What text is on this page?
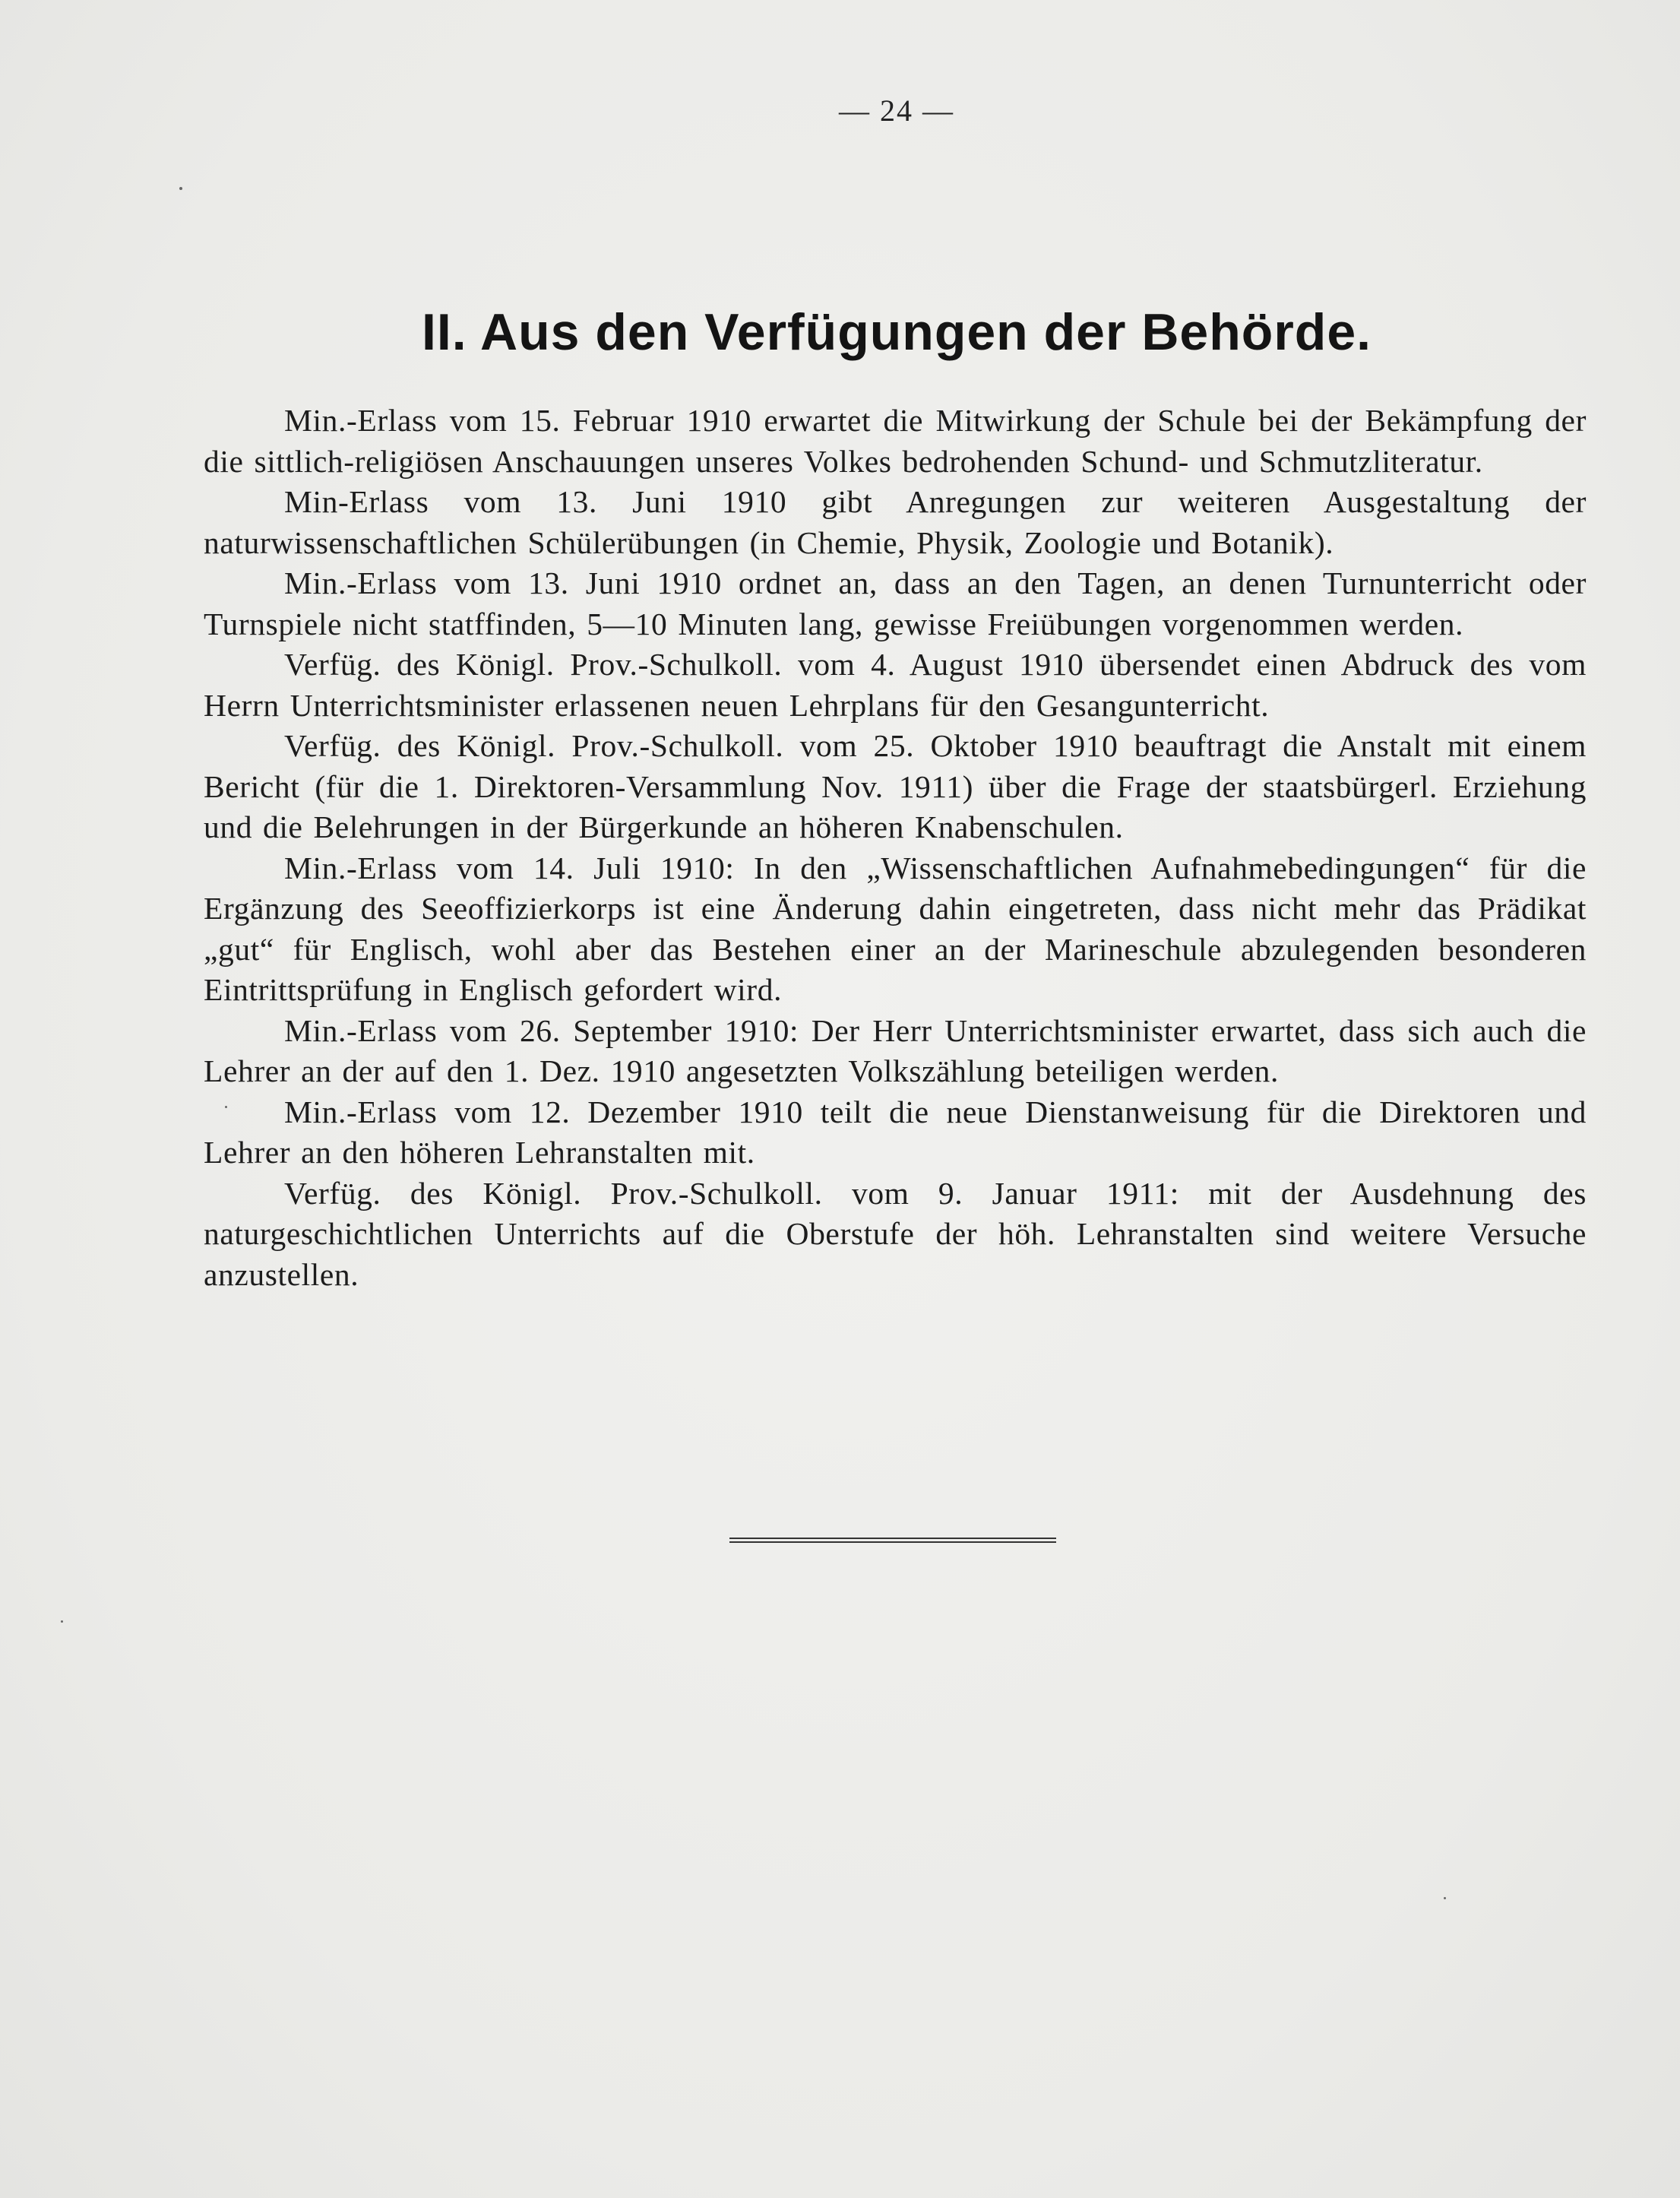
— 24 —
II. Aus den Verfügungen der Behörde.

Min.-Erlass vom 15. Februar 1910 erwartet die Mitwirkung der Schule bei der Bekämpfung der die sittlich-religiösen Anschauungen unseres Volkes bedrohenden Schund- und Schmutzliteratur.

Min-Erlass vom 13. Juni 1910 gibt Anregungen zur weiteren Ausgestaltung der naturwissenschaftlichen Schülerübungen (in Chemie, Physik, Zoologie und Botanik).

Min.-Erlass vom 13. Juni 1910 ordnet an, dass an den Tagen, an denen Turnunterricht oder Turnspiele nicht statffinden, 5—10 Minuten lang, gewisse Freiübungen vorgenommen werden.

Verfüg. des Königl. Prov.-Schulkoll. vom 4. August 1910 übersendet einen Abdruck des vom Herrn Unterrichtsminister erlassenen neuen Lehrplans für den Gesangunterricht.

Verfüg. des Königl. Prov.-Schulkoll. vom 25. Oktober 1910 beauftragt die Anstalt mit einem Bericht (für die 1. Direktoren-Versammlung Nov. 1911) über die Frage der staatsbürgerl. Erziehung und die Belehrungen in der Bürgerkunde an höheren Knabenschulen.

Min.-Erlass vom 14. Juli 1910: In den „Wissenschaftlichen Aufnahmebedingungen“ für die Ergänzung des Seeoffizierkorps ist eine Änderung dahin eingetreten, dass nicht mehr das Prädikat „gut“ für Englisch, wohl aber das Bestehen einer an der Marineschule abzulegenden besonderen Eintrittsprüfung in Englisch gefordert wird.

Min.-Erlass vom 26. September 1910: Der Herr Unterrichtsminister erwartet, dass sich auch die Lehrer an der auf den 1. Dez. 1910 angesetzten Volkszählung beteiligen werden.

Min.-Erlass vom 12. Dezember 1910 teilt die neue Dienstanweisung für die Direktoren und Lehrer an den höheren Lehranstalten mit.

Verfüg. des Königl. Prov.-Schulkoll. vom 9. Januar 1911: mit der Ausdehnung des naturgeschichtlichen Unterrichts auf die Oberstufe der höh. Lehranstalten sind weitere Versuche anzustellen.
